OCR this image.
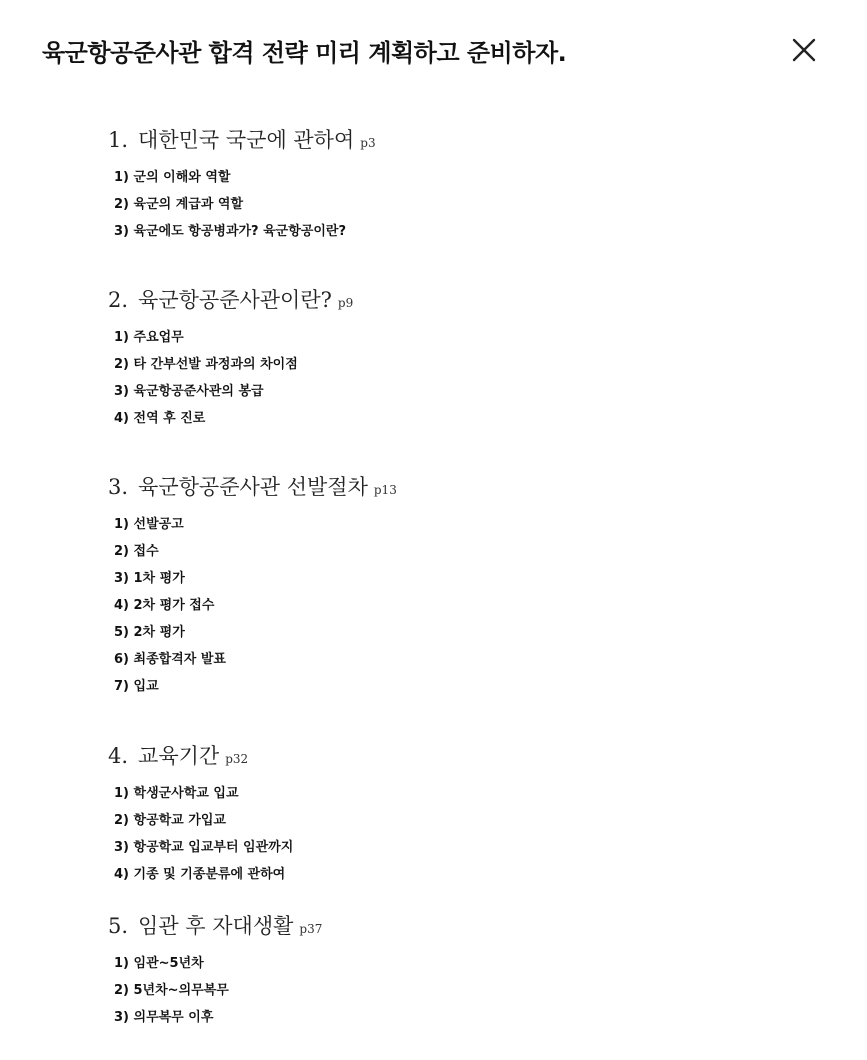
육군항공준사관 합격 전략 미리 계획하고 준비하자.
1. 대한민국 국군에 관하여 p3
1) 군의 이해와 역할
2) 육군의 계급과 역할
3) 육군에도 항공병과가? 육군항공이란?
2. 육군항공준사관이란? p9
1) 주요업무
2) 타 간부선발 과정과의 차이점
3) 육군항공준사관의 봉급
4) 전역 후 진로
3. 육군항공준사관 선발절차 p13
1) 선발공고
2) 접수
3) 1차 평가
4) 2차 평가 접수
5) 2차 평가
6) 최종합격자 발표
7) 입교
4. 교육기간 p32
1) 학생군사학교 입교
2) 항공학교 가입교
3) 항공학교 입교부터 임관까지
4) 기종 및 기종분류에 관하여
5. 임관 후 자대생활 p37
1) 임관~5년차
2) 5년차~의무복무
3) 의무복무 이후
